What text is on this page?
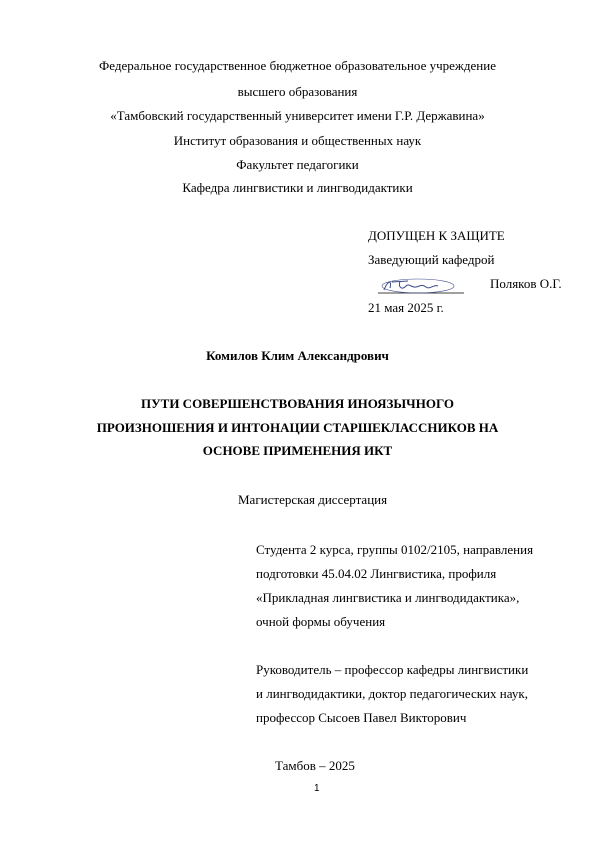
Федеральное государственное бюджетное образовательное учреждение
высшего образования
«Тамбовский государственный университет имени Г.Р. Державина»
Институт образования и общественных наук
Факультет педагогики
Кафедра лингвистики и лингводидактики
ДОПУЩЕН К ЗАЩИТЕ
Заведующий кафедрой
Поляков О.Г.
21 мая 2025 г.
Комилов Клим Александрович
ПУТИ СОВЕРШЕНСТВОВАНИЯ ИНОЯЗЫЧНОГО
ПРОИЗНОШЕНИЯ И ИНТОНАЦИИ СТАРШЕКЛАССНИКОВ НА
ОСНОВЕ ПРИМЕНЕНИЯ ИКТ
Магистерская диссертация
Студента 2 курса, группы 0102/2105, направления
подготовки 45.04.02 Лингвистика, профиля
«Прикладная лингвистика и лингводидактика»,
очной формы обучения
Руководитель – профессор кафедры лингвистики
и лингводидактики, доктор педагогических наук,
профессор Сысоев Павел Викторович
Тамбов – 2025
1
